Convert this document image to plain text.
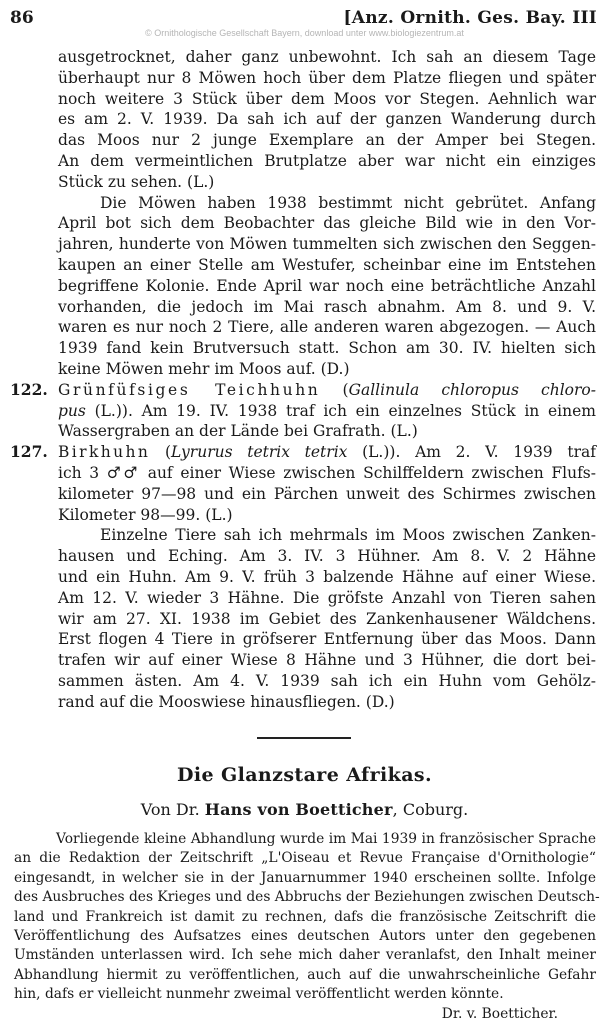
86	[Anz. Ornith. Ges. Bay. III
© Ornithologische Gesellschaft Bayern, download unter www.biologiezentrum.at
ausgetrocknet, daher ganz unbewohnt. Ich sah an diesem Tage
überhaupt nur 8 Möwen hoch über dem Platze fliegen und später
noch weitere 3 Stück über dem Moos vor Stegen. Aehnlich war
es am 2. V. 1939. Da sah ich auf der ganzen Wanderung durch
das Moos nur 2 junge Exemplare an der Amper bei Stegen.
An dem vermeintlichen Brutplatze aber war nicht ein einziges
Stück zu sehen. (L.)
Die Möwen haben 1938 bestimmt nicht gebrütet. Anfang
April bot sich dem Beobachter das gleiche Bild wie in den Vor-
jahren, hunderte von Möwen tummelten sich zwischen den Seggen-
kaupen an einer Stelle am Westufer, scheinbar eine im Entstehen
begriffene Kolonie. Ende April war noch eine beträchtliche Anzahl
vorhanden, die jedoch im Mai rasch abnahm. Am 8. und 9. V.
waren es nur noch 2 Tiere, alle anderen waren abgezogen. — Auch
1939 fand kein Brutversuch statt. Schon am 30. IV. hielten sich
keine Möwen mehr im Moos auf. (D.)
122. Grünfüfsiges Teichhuhn (Gallinula chloropus chloro-
pus (L.)). Am 19. IV. 1938 traf ich ein einzelnes Stück in einem
Wassergraben an der Lände bei Grafrath. (L.)
127. Birkhuhn (Lyrurus tetrix tetrix (L.)). Am 2. V. 1939 traf
ich 3 ♂♂ auf einer Wiese zwischen Schilffeldern zwischen Flufs-
kilometer 97—98 und ein Pärchen unweit des Schirmes zwischen
Kilometer 98—99. (L.)
Einzelne Tiere sah ich mehrmals im Moos zwischen Zanken-
hausen und Eching. Am 3. IV. 3 Hühner. Am 8. V. 2 Hähne
und ein Huhn. Am 9. V. früh 3 balzende Hähne auf einer Wiese.
Am 12. V. wieder 3 Hähne. Die gröfste Anzahl von Tieren sahen
wir am 27. XI. 1938 im Gebiet des Zankenhausener Wäldchens.
Erst flogen 4 Tiere in gröfserer Entfernung über das Moos. Dann
trafen wir auf einer Wiese 8 Hähne und 3 Hühner, die dort bei-
sammen ästen. Am 4. V. 1939 sah ich ein Huhn vom Gehölz-
rand auf die Mooswiese hinausfliegen. (D.)
Die Glanzstare Afrikas.
Von Dr. Hans von Boetticher, Coburg.
Vorliegende kleine Abhandlung wurde im Mai 1939 in französischer Sprache
an die Redaktion der Zeitschrift „L'Oiseau et Revue Française d'Ornithologie“
eingesandt, in welcher sie in der Januarnummer 1940 erscheinen sollte. Infolge
des Ausbruches des Krieges und des Abbruchs der Beziehungen zwischen Deutsch-
land und Frankreich ist damit zu rechnen, dafs die französische Zeitschrift die
Veröffentlichung des Aufsatzes eines deutschen Autors unter den gegebenen
Umständen unterlassen wird. Ich sehe mich daher veranlafst, den Inhalt meiner
Abhandlung hiermit zu veröffentlichen, auch auf die unwahrscheinliche Gefahr
hin, dafs er vielleicht nunmehr zweimal veröffentlicht werden könnte.
Dr. v. Boetticher.
